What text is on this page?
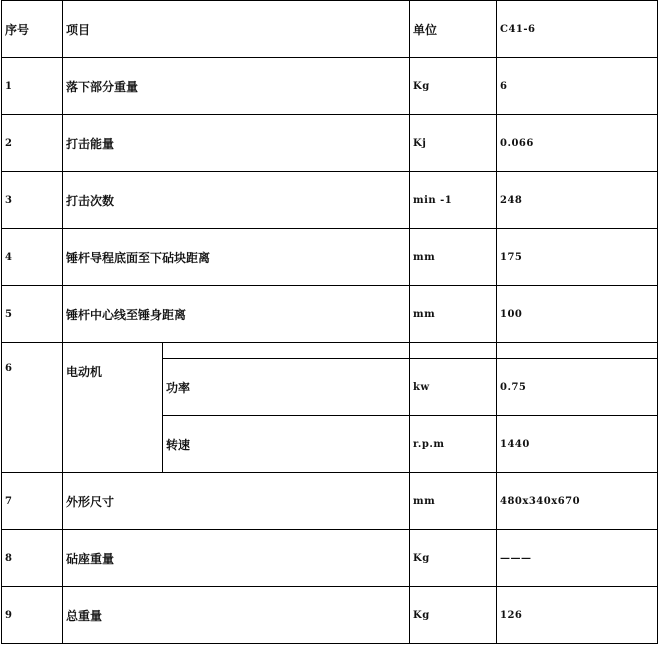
序号	项目		单位	C41-6
1	落下部分重量		Kg	6
2	打击能量		Kj	0.066
3	打击次数		min -1	248
4	锤杆导程底面至下砧块距离		mm	175
5	锤杆中心线至锤身距离		mm	100
6	电动机			
		功率	kw	0.75
		转速	r.p.m	1440
7	外形尺寸		mm	480x340x670
8	砧座重量		Kg	———
9	总重量		Kg	126
